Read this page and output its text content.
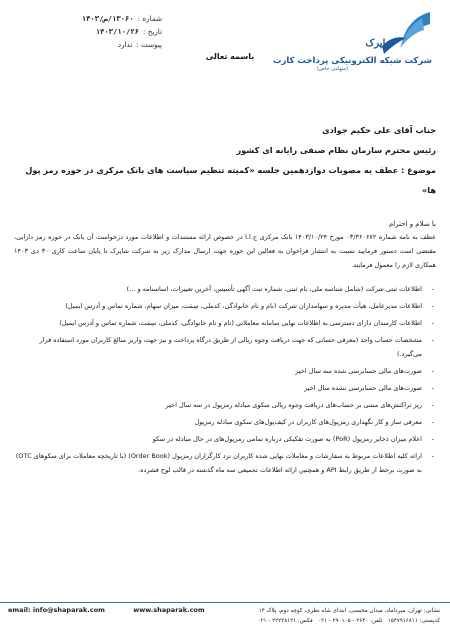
شماره :
۱۳۰۶۰/ص/۱۴۰۳
تاریخ :
۱۴۰۳/۱۰/۲۶
پیوست :
ندارد
باسمه تعالی
شاپرک
شرکت شبکه الکترونیکی پرداخت کارت
(سهامی خاص)
جناب آقای علی حکیم جوادی
رئیس محترم سازمان نظام صنفی رایانه ای کشور
موضوع : عطف به مصوبات دوازدهمین جلسه «کمیته تنظیم سیاست های بانک مرکزی در حوزه رمز پول ها»
با سلام و احترام
عطف به نامه شماره ۰۳/۳۶۰۶۷۲ مورخ ۱۴۰۳/۱۰/۲۴ بانک مرکزی ج.ا.ا در خصوص ارائه مستندات و اطلاعات مورد درخواست آن بانک در حوزه رمز دارایی، مقتضی است دستور فرمایید نسبت به انتشار فراخوان به فعالین این حوزه جهت ارسال مدارک زیر به شرکت شاپرک تا پایان ساعت کاری ۳۰ دی ۱۴۰۳ همکاری لازم را معمول فرمایند.
- اطلاعات ثبتی شرکت (شامل شناسه ملی، نام ثبتی، شماره ثبت آگهی تأسیس، آخرین تغییرات، اساسنامه و ...)
- اطلاعات مدیرعامل، هیأت مدیره و سهامداران شرکت (نام و نام خانوادگی، کدملی، سِمَت، میزان سهام، شماره تماس و آدرس ایمیل)
- اطلاعات کارمندان دارای دسترسی به اطلاعات نهایی سامانه معاملاتی (نام و نام خانوادگی، کدملی، سِمَت، شماره تماس و آدرس ایمیل)
- مشخصات حساب واحد (معرفی حسابی که جهت دریافت وجوه ریالی از طریق درگاه پرداخت و نیز جهت واریز مبالغ کاربران مورد استفاده قرار می‌گیرد.)
- صورت‌های مالی حسابرسی شده سه سال اخیر
- صورت‌های مالی حسابرسی نشده سال اخیر
- ریز تراکنش‌های مبتنی بر حساب‌های دریافت وجوه ریالی سکوی مبادله رمزپول در سه سال اخیر
- معرفی ساز و کار نگهداری رمزپول‌های کاربران در کیف‌پول‌های سکوی مبادله رمزپول
- اعلام میزان ذخایر رمزپول (PoR) به صورت تفکیکی درباره تمامی رمزپول‌های در حال مبادله در سکو
- ارائه کلیه اطلاعات مربوط به سفارشات و معاملات نهایی شده کاربران نزد کارگزاران رمزپول (Order Book) (با تاریخچه معاملات برای سکوهای OTC) به صورت برخط از طریق رابط API و همچنین ارائه اطلاعات تجمیعی سه ماه گذشته در قالب لوح فشرده.
email: info@shaparak.com	www.shaparak.com	نشانی: تهران، میرداماد، میدان محسنی، ابتدای شاه نظری، کوچه دوم، پلاک ۱۴
کدپستی: ۱۵۴۷۹۱۶۸۱۱   تلفن: ۲۶۴۰ - ۲۹۰۱۰۵ - ۰۲۱   فکس: ۲۲۲۲۸۱۲۱ - ۰۲۱
